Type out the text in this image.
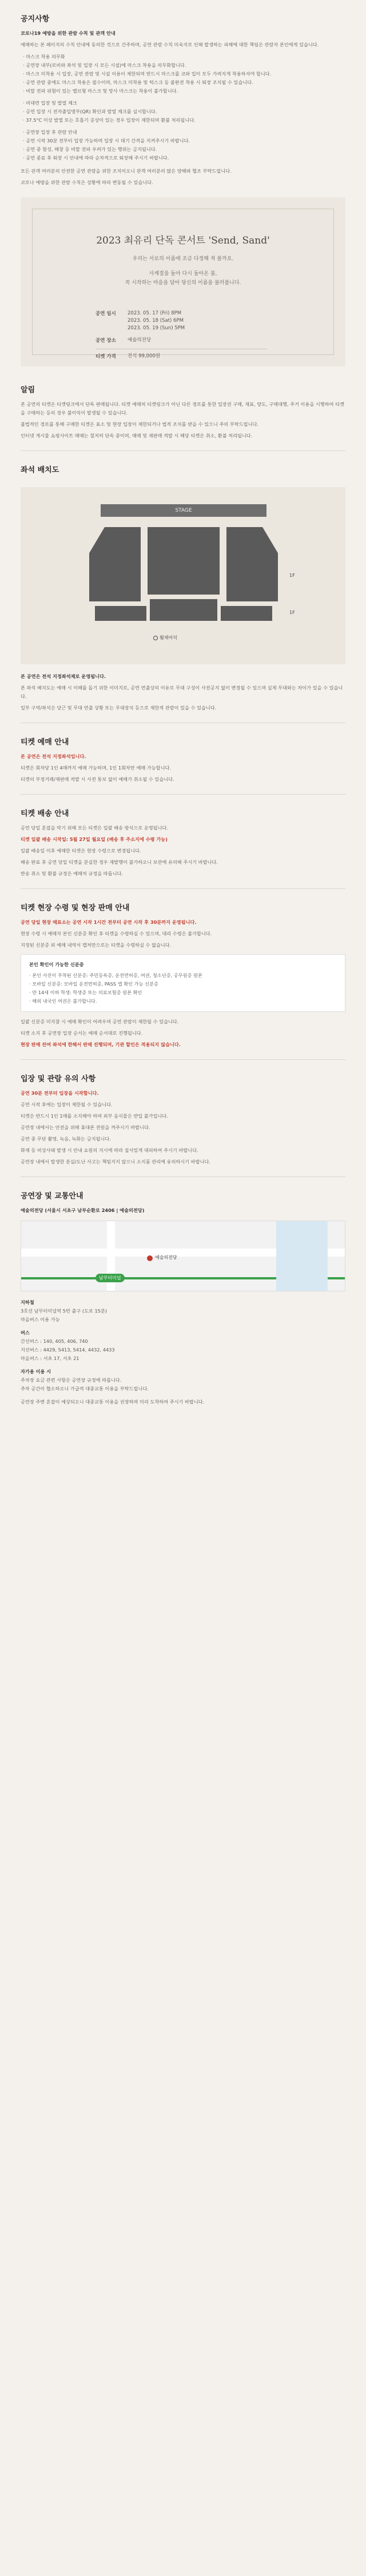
공지사항

코로나19 예방을 위한 관람 수칙 및 관객 안내

예매하는 본 페이지의 수칙 안내에 동의한 것으로 간주하며, 공연 관람 수칙 미숙지로 인해 발생하는 피해에 대한 책임은 관람자 본인에게 있습니다.

· 마스크 착용 의무화
· 공연장 내부(로비와 좌석 및 입장 시 모든 시설)에 마스크 착용을 의무화합니다.
· 마스크 미착용 시 입장, 공연 관람 및 시설 이용이 제한되며 반드시 마스크를 코와 입이 모두 가려지게 착용하셔야 합니다.
· 공연 관람 중에도 마스크 착용은 필수이며, 마스크 미착용 및 턱스크 등 불완전 착용 시 퇴장 조치될 수 있습니다.
· 비말 전파 위험이 있는 밸브형 마스크 및 망사 마스크는 착용이 불가합니다.
· 비대면 입장 및 발열 체크
· 공연 입장 시 전자출입명부(QR) 확인과 발열 체크를 실시합니다.
· 37.5°C 이상 발열 또는 호흡기 증상이 있는 경우 입장이 제한되며 환불 처리됩니다.
· 공연장 입장 후 관람 안내
· 공연 시작 30분 전부터 입장 가능하며 입장 시 대기 간격을 지켜주시기 바랍니다.
· 공연 중 함성, 떼창 등 비말 전파 우려가 있는 행위는 금지됩니다.
· 공연 종료 후 퇴장 시 안내에 따라 순차적으로 퇴장해 주시기 바랍니다.

모든 관객 여러분의 안전한 공연 관람을 위한 조치이오니 관객 여러분의 많은 양해와 협조 부탁드립니다.

코로나 예방을 위한 관람 수칙은 상황에 따라 변동될 수 있습니다.

2023 최유리 단독 콘서트 'Send, Sand'
우리는 서로의 이름에 조금 다정해 져 볼까요.
사계절을 돌아 다시 돌아온 봄,
꼭 시작하는 마음을 담아 당신의 이름을 불러봅니다.
공연 일시	2023. 05. 17 (Fri) 8PM
2023. 05. 18 (Sat) 6PM
2023. 05. 19 (Sun) 5PM
공연 장소	예술의전당
티켓 가격	전석 99,000원
알림

본 공연의 티켓은 티켓링크에서 단독 판매됩니다. 티켓 예매처 티켓링크가 아닌 다른 경로를 통한 입장권 구매, 재표, 양도, 구매대행, 주거 이용을 시행하여 티켓을 구매하는 등의 경우 불이익이 발생될 수 있습니다.

불법적인 경로를 통해 구매한 티켓은 표소 및 현장 입장이 제한되거나 법적 조치를 받을 수 있으니 주의 부탁드립니다.

인터넷 게시물 쇼핑사이트 매매는 철저히 단속 중이며, 매매 및 재판매 적발 시 해당 티켓은 취소, 환불 처리됩니다.

좌석 배치도
STAGE
1F
1F
휠체어석

본 공연은 전석 지정좌석제로 운영됩니다.

본 좌석 배치도는 예매 시 이해를 돕기 위한 이미지로, 공연 연출상의 이유로 무대 구성이 사전공지 없이 변경될 수 있으며 실제 무대와는 차이가 있을 수 있습니다.

일부 구역/좌석은 당근 및 무대 연출 상황 또는 무대장치 등으로 제한적 관람이 있을 수 있습니다.

티켓 예매 안내

본 공연은 전석 지정좌석입니다.

티켓은 회차당 1인 4매까지 예매 가능하며, 1인 1회차만 예매 가능합니다.

티켓의 부정거래/재판매 적발 시 사전 통보 없이 예매가 취소될 수 있습니다.

티켓 배송 안내

공연 당일 혼잡을 막기 위해 모든 티켓은 일괄 배송 방식으로 운영됩니다.

티켓 일괄 배송 시작일: 5월 27일 월요일 (배송 후 주소지에 수령 가능)

일괄 배송일 이후 예매한 티켓은 현장 수령으로 변경됩니다.

배송 완료 후 공연 당일 티켓을 분실한 경우 재발행이 불가하오니 보관에 유의해 주시기 바랍니다.

반송 취소 및 환불 규정은 예매처 규정을 따릅니다.

티켓 현장 수령 및 현장 판매 안내

공연 당일 현장 매표소는 공연 시작 1시간 전부터 공연 시작 후 30분까지 운영됩니다.

현장 수령 시 예매자 본인 신분증 확인 후 티켓을 수령하실 수 있으며, 대리 수령은 불가합니다.

지정된 신분증 외 예매 내역서 캡처만으로는 티켓을 수령하실 수 없습니다.

본인 확인이 가능한 신분증
· 본인 사진이 부착된 신분증: 주민등록증, 운전면허증, 여권, 청소년증, 공무원증 원본
· 모바일 신분증: 모바일 운전면허증, PASS 앱 확인 가능 신분증
· 만 14세 이하 학생: 학생증 또는 의료보험증 원본 확인
· 해외 내국인 여권은 불가합니다.

일괄 신분증 미지참 시 예매 확인이 어려우며 공연 관람이 제한될 수 있습니다.

티켓 소지 후 공연장 입장 순서는 예매 순서대로 진행됩니다.

현장 판매 잔여 좌석에 한해서 판매 진행되며, 기관 할인은 적용되지 않습니다.

입장 및 관람 유의 사항

공연 30분 전부터 입장을 시작합니다.

공연 시작 후에는 입장이 제한될 수 있습니다.

티켓은 반드시 1인 1매를 소지해야 하며 외부 음식물은 반입 불가입니다.

공연장 내에서는 안전을 위해 휴대폰 전원을 꺼주시기 바랍니다.

공연 중 무단 촬영, 녹음, 녹화는 금지됩니다.

화재 등 비상사태 발생 시 안내 요원의 지시에 따라 질서있게 대피하여 주시기 바랍니다.

공연장 내에서 발생한 분실/도난 사고는 책임지지 않으니 소지품 관리에 유의하시기 바랍니다.

공연장 및 교통안내
예술의전당 (서울시 서초구 남부순환로 2406 | 예술의전당)
남부터미널
예술의전당

지하철

3호선 남부터미널역 5번 출구 (도보 15분)

마을버스 이용 가능

버스

간선버스 : 140, 405, 406, 740

지선버스 : 4429, 5413, 5414, 4432, 4433

마을버스 : 서초 17, 서초 21

자가용 이용 시

주차장 요금 관련 사항은 공연장 규정에 따릅니다.

주차 공간이 협소하오니 가급적 대중교통 이용을 부탁드립니다.

공연장 주변 혼잡이 예상되오니 대중교통 이용을 권장하며 미리 도착하여 주시기 바랍니다.
